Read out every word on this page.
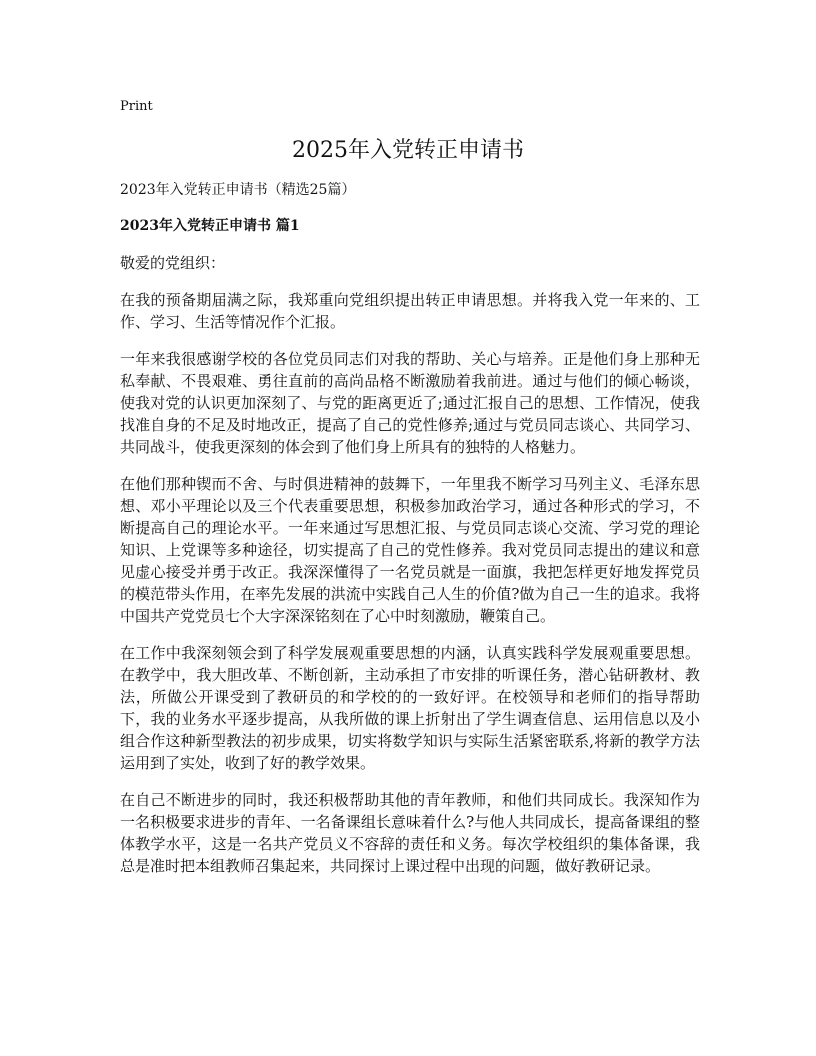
Print
2025年入党转正申请书

2023年入党转正申请书（精选25篇）

2023年入党转正申请书 篇1

敬爱的党组织：

在我的预备期届满之际，我郑重向党组织提出转正申请思想。并将我入党一年来的、工作、学习、生活等情况作个汇报。

一年来我很感谢学校的各位党员同志们对我的帮助、关心与培养。正是他们身上那种无私奉献、不畏艰难、勇往直前的高尚品格不断激励着我前进。通过与他们的倾心畅谈，使我对党的认识更加深刻了、与党的距离更近了;通过汇报自己的思想、工作情况，使我找准自身的不足及时地改正，提高了自己的党性修养;通过与党员同志谈心、共同学习、共同战斗，使我更深刻的体会到了他们身上所具有的独特的人格魅力。

在他们那种锲而不舍、与时俱进精神的鼓舞下，一年里我不断学习马列主义、毛泽东思想、邓小平理论以及三个代表重要思想，积极参加政治学习，通过各种形式的学习，不断提高自己的理论水平。一年来通过写思想汇报、与党员同志谈心交流、学习党的理论知识、上党课等多种途径，切实提高了自己的党性修养。我对党员同志提出的建议和意见虚心接受并勇于改正。我深深懂得了一名党员就是一面旗，我把怎样更好地发挥党员的模范带头作用，在率先发展的洪流中实践自己人生的价值?做为自己一生的追求。我将中国共产党党员七个大字深深铭刻在了心中时刻激励，鞭策自己。

在工作中我深刻领会到了科学发展观重要思想的内涵，认真实践科学发展观重要思想。在教学中，我大胆改革、不断创新，主动承担了市安排的听课任务，潜心钻研教材、教法，所做公开课受到了教研员的和学校的的一致好评。在校领导和老师们的指导帮助下，我的业务水平逐步提高，从我所做的课上折射出了学生调查信息、运用信息以及小组合作这种新型教法的初步成果，切实将数学知识与实际生活紧密联系,将新的教学方法运用到了实处，收到了好的教学效果。

在自己不断进步的同时，我还积极帮助其他的青年教师，和他们共同成长。我深知作为一名积极要求进步的青年、一名备课组长意味着什么?与他人共同成长，提高备课组的整体教学水平，这是一名共产党员义不容辞的责任和义务。每次学校组织的集体备课，我总是准时把本组教师召集起来，共同探讨上课过程中出现的问题，做好教研记录。
